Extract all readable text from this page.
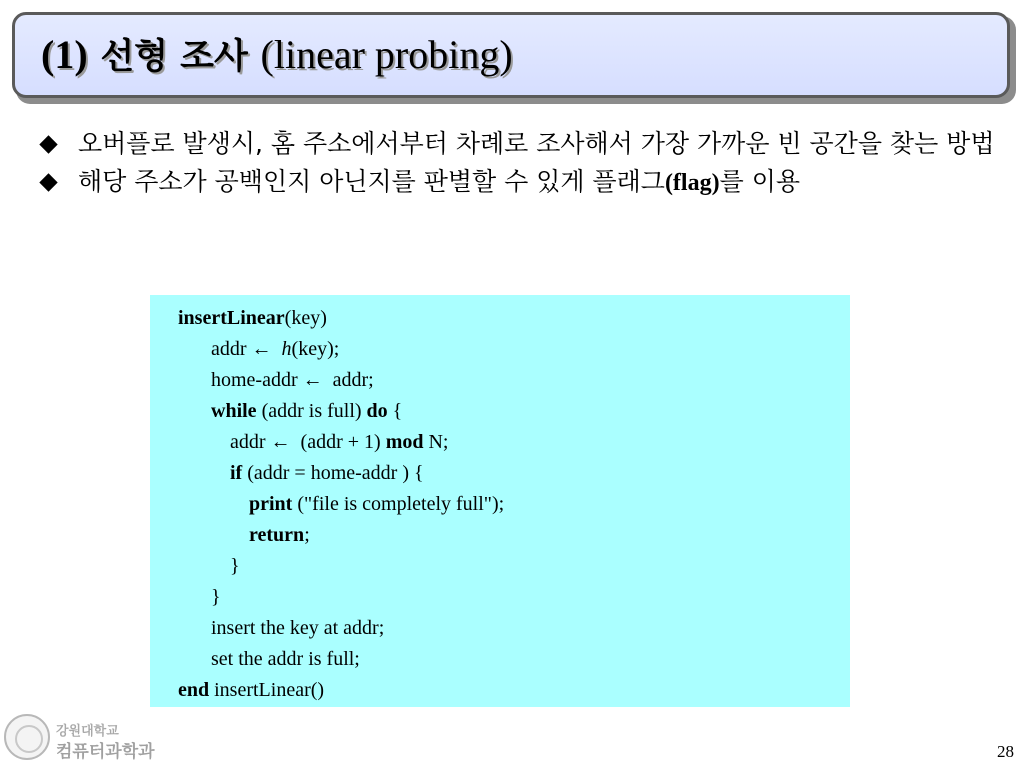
(1) 선형 조사 (linear probing)
오버플로 발생시, 홈 주소에서부터 차례로 조사해서 가장 가까운 빈 공간을 찾는 방법
해당 주소가 공백인지 아닌지를 판별할 수 있게 플래그(flag)를 이용
insertLinear(key)
addr ←  h(key);
home-addr ←  addr;
while (addr is full) do {
addr ←  (addr + 1) mod N;
if (addr = home-addr ) {
print ("file is completely full");
return;
}
}
insert the key at addr;
set the addr is full;
end insertLinear()
강원대학교
컴퓨터과학과	28
